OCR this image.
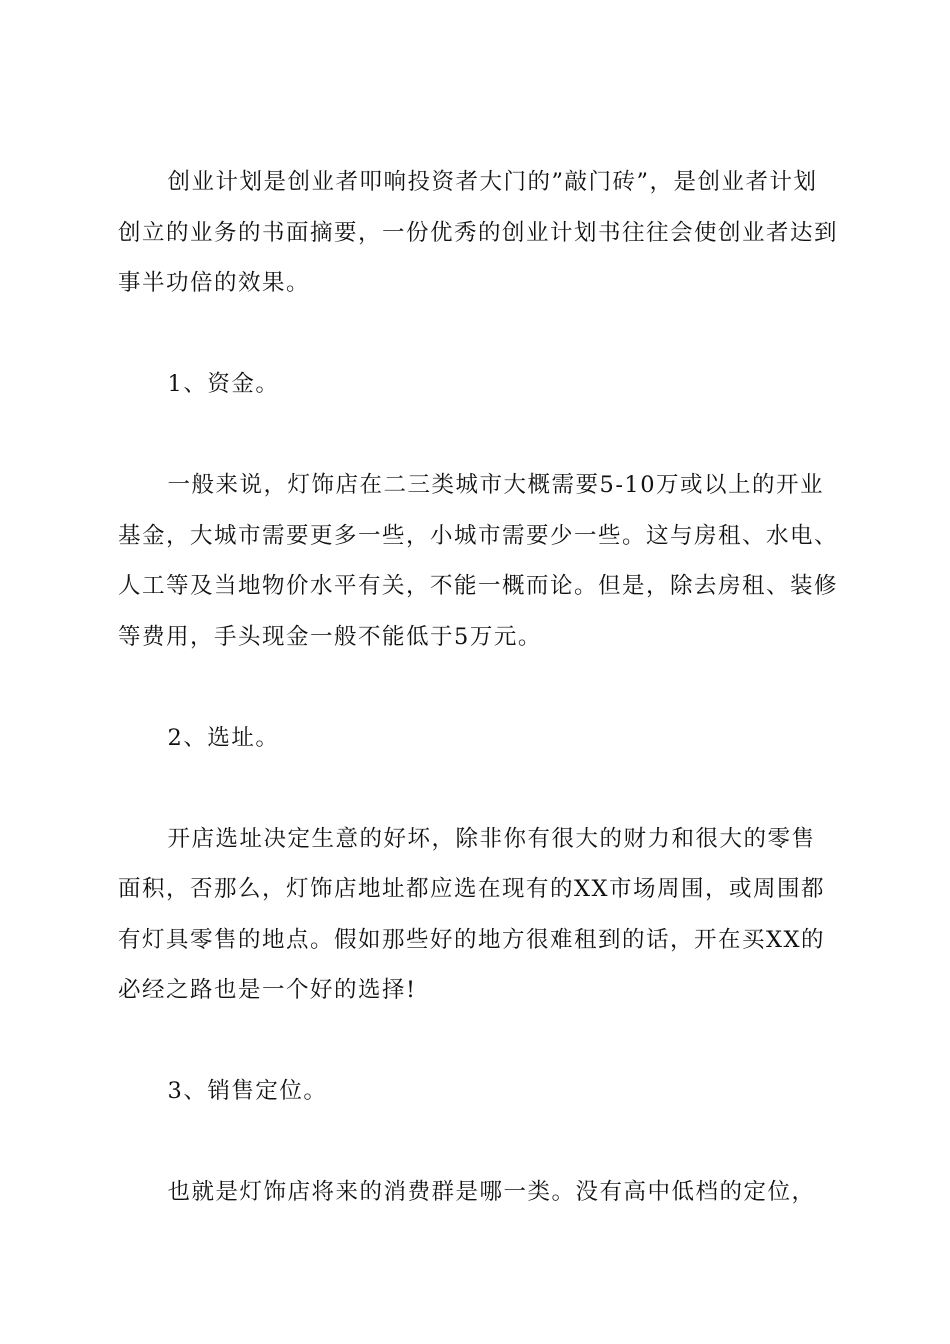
创业计划是创业者叩响投资者大门的”敲门砖”，是创业者计划创立的业务的书面摘要，一份优秀的创业计划书往往会使创业者达到事半功倍的效果。

1、资金。

一般来说，灯饰店在二三类城市大概需要5-10万或以上的开业基金，大城市需要更多一些，小城市需要少一些。这与房租、水电、人工等及当地物价水平有关，不能一概而论。但是，除去房租、装修等费用，手头现金一般不能低于5万元。

2、选址。

开店选址决定生意的好坏，除非你有很大的财力和很大的零售面积，否那么，灯饰店地址都应选在现有的XX市场周围，或周围都有灯具零售的地点。假如那些好的地方很难租到的话，开在买XX的必经之路也是一个好的选择!

3、销售定位。

也就是灯饰店将来的消费群是哪一类。没有高中低档的定位，
